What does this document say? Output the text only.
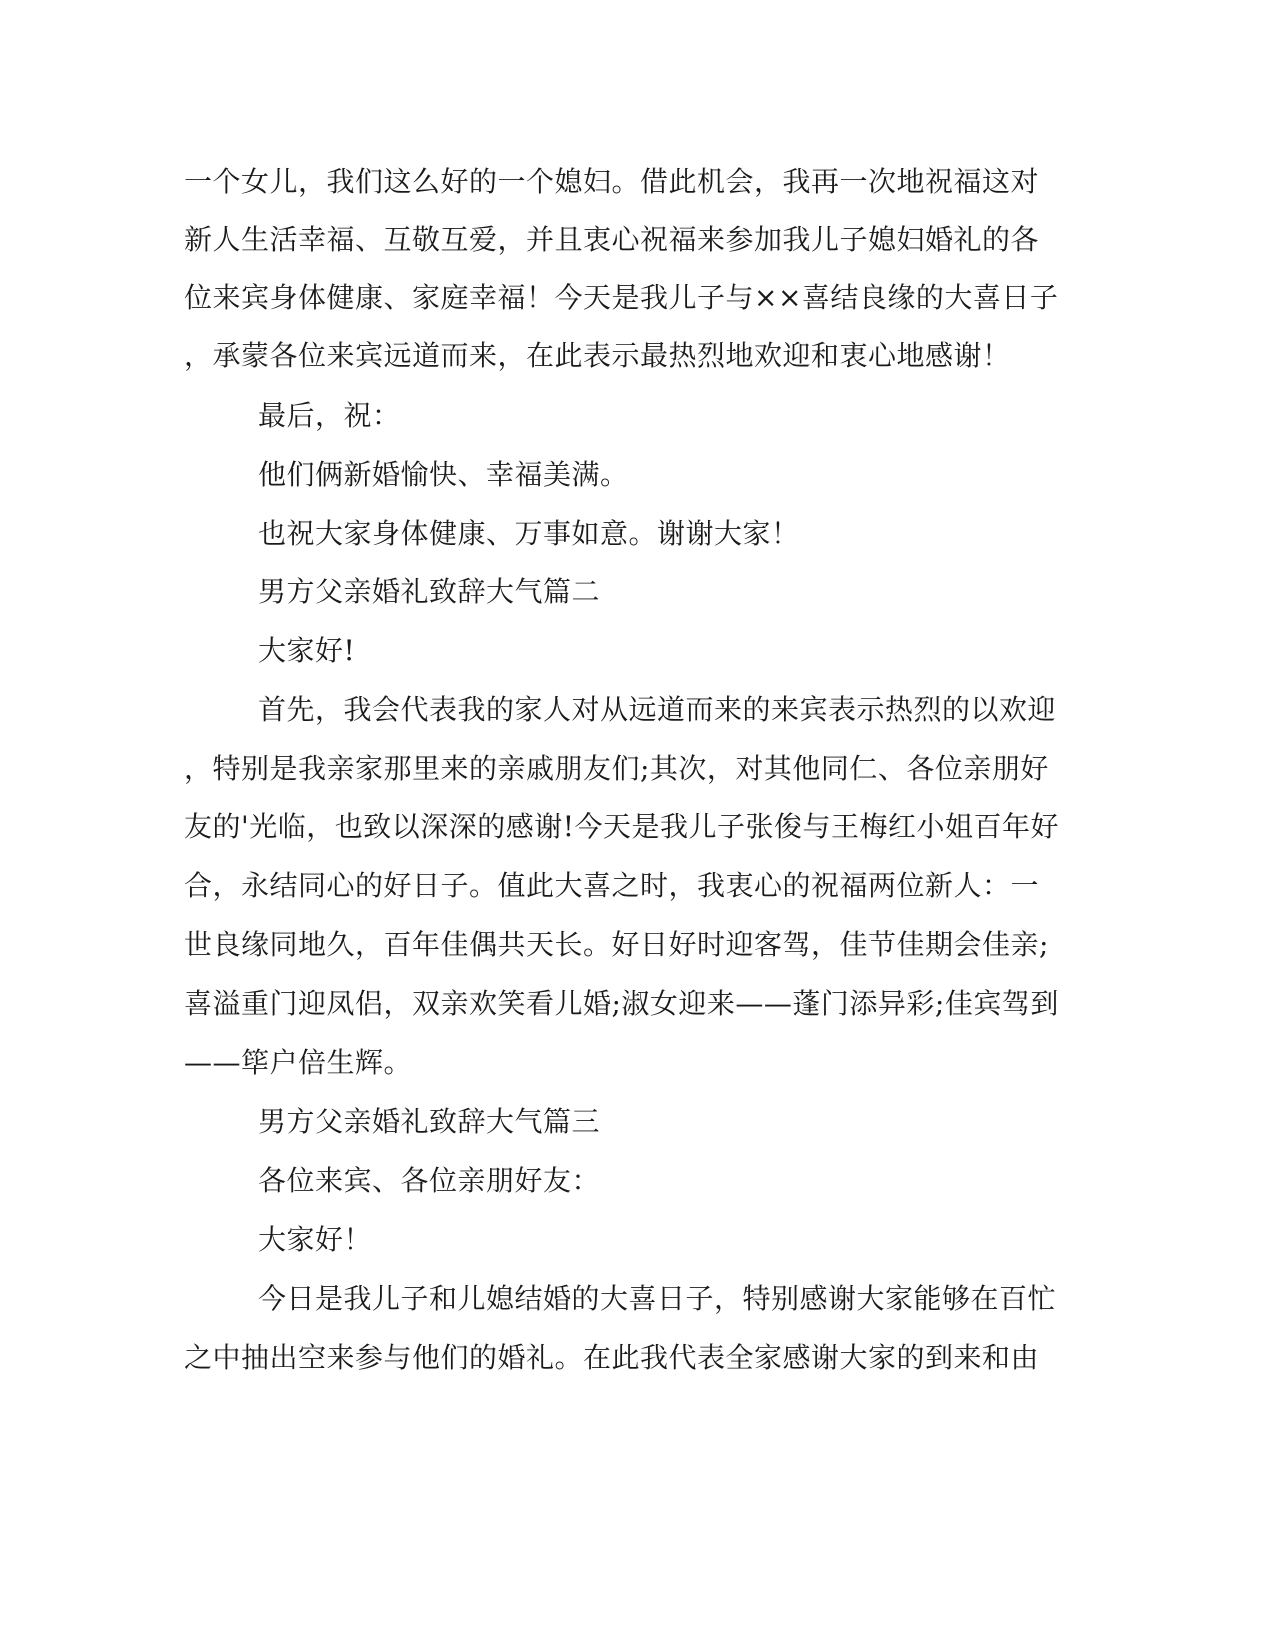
一个女儿，我们这么好的一个媳妇。借此机会，我再一次地祝福这对
新人生活幸福、互敬互爱，并且衷心祝福来参加我儿子媳妇婚礼的各
位来宾身体健康、家庭幸福！今天是我儿子与××喜结良缘的大喜日子
，承蒙各位来宾远道而来，在此表示最热烈地欢迎和衷心地感谢！
最后，祝：
他们俩新婚愉快、幸福美满。
也祝大家身体健康、万事如意。谢谢大家！
男方父亲婚礼致辞大气篇二
大家好!
首先，我会代表我的家人对从远道而来的来宾表示热烈的以欢迎
，特别是我亲家那里来的亲戚朋友们;其次，对其他同仁、各位亲朋好
友的'光临，也致以深深的感谢!今天是我儿子张俊与王梅红小姐百年好
合，永结同心的好日子。值此大喜之时，我衷心的祝福两位新人：一
世良缘同地久，百年佳偶共天长。好日好时迎客驾，佳节佳期会佳亲;
喜溢重门迎凤侣，双亲欢笑看儿婚;淑女迎来——蓬门添异彩;佳宾驾到
——筚户倍生辉。
男方父亲婚礼致辞大气篇三
各位来宾、各位亲朋好友：
大家好！
今日是我儿子和儿媳结婚的大喜日子，特别感谢大家能够在百忙
之中抽出空来参与他们的婚礼。在此我代表全家感谢大家的到来和由
